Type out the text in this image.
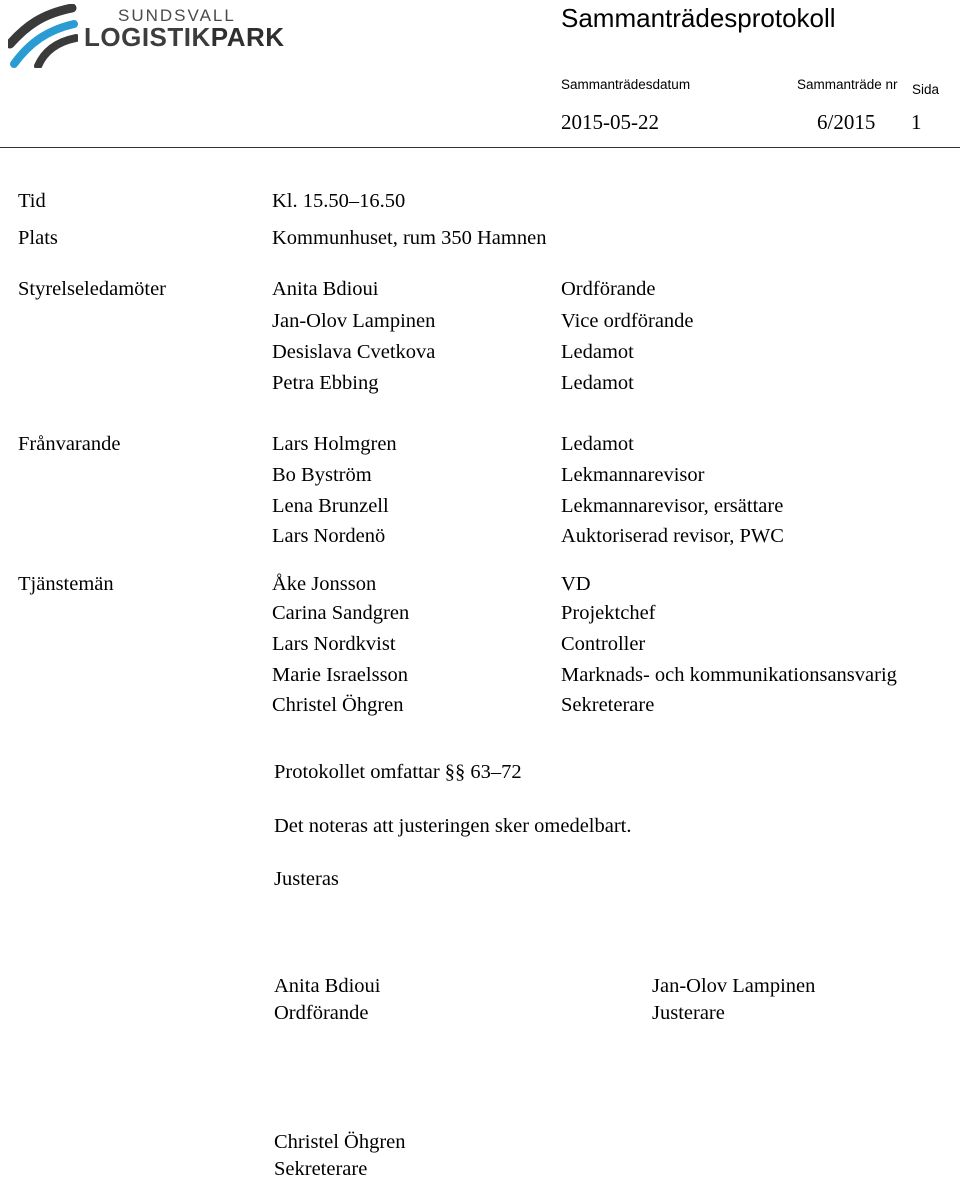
SUNDSVALL
LOGISTIKPARK
Sammanträdesprotokoll
Sammanträdesdatum	Sammanträde nr Sida
2015-05-22	6/2015 1
Tid	Kl. 15.50–16.50
Plats	Kommunhuset, rum 350 Hamnen
Styrelseledamöter	Anita Bdioui	Ordförande
Jan-Olov Lampinen	Vice ordförande
Desislava Cvetkova	Ledamot
Petra Ebbing	Ledamot
Frånvarande	Lars Holmgren	Ledamot
Bo Byström	Lekmannarevisor
Lena Brunzell	Lekmannarevisor, ersättare
Lars Nordenö	Auktoriserad revisor, PWC
Tjänstemän	Åke Jonsson	VD
Carina Sandgren	Projektchef
Lars Nordkvist	Controller
Marie Israelsson	Marknads- och kommunikationsansvarig
Christel Öhgren	Sekreterare
Protokollet omfattar §§ 63–72
Det noteras att justeringen sker omedelbart.
Justeras
Anita Bdioui
Ordförande
Jan-Olov Lampinen
Justerare
Christel Öhgren
Sekreterare
